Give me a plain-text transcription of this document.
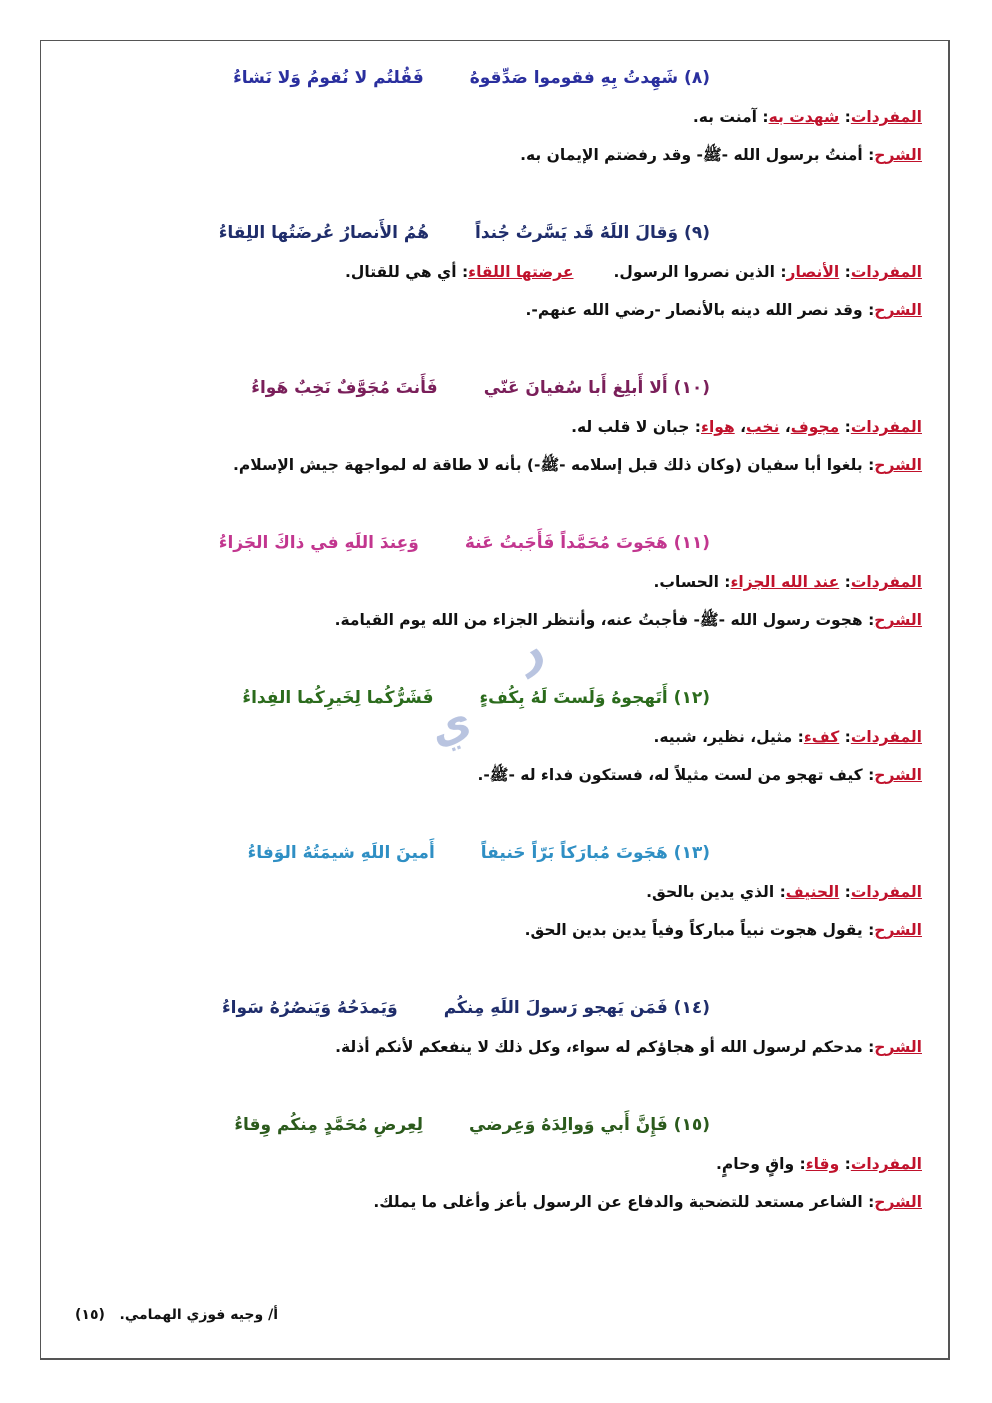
(٨) شَهِدتُ بِهِ فقوموا صَدِّقوهُ
فَقُلتُم لا نُقومُ وَلا نَشاءُ
المفردات: شهدت به: آمنت به.
الشرح: أمنتُ برسول الله -ﷺ- وقد رفضتم الإيمان به.
(٩) وَقالَ اللَهُ قَد يَسَّرتُ جُنداً
هُمُ الأَنصارُ عُرضَتُها اللِقاءُ
المفردات: الأنصار: الذين نصروا الرسول.عرضتها اللقاء: أي هي للقتال.
الشرح: وقد نصر الله دينه بالأنصار -رضي الله عنهم-.
(١٠) أَلا أَبلِغ أَبا سُفيانَ عَنّي
فَأَنتَ مُجَوَّفٌ نَخِبٌ هَواءُ
المفردات: مجوف، نخب، هواء: جبان لا قلب له.
الشرح: بلغوا أبا سفيان (وكان ذلك قبل إسلامه -ﷺ-) بأنه لا طاقة له لمواجهة جيش الإسلام.
(١١) هَجَوتَ مُحَمَّداً فَأَجَبتُ عَنهُ
وَعِندَ اللَهِ في ذاكَ الجَزاءُ
المفردات: عند الله الجزاء: الحساب.
الشرح: هجوت رسول الله -ﷺ- فأجبتُ عنه، وأنتظر الجزاء من الله يوم القيامة.
(١٢) أَتَهجوهُ وَلَستَ لَهُ بِكُفءٍ
فَشَرُّكُما لِخَيرِكُما الفِداءُ
المفردات: كفء: مثيل، نظير، شبيه.
الشرح: كيف تهجو من لست مثيلاً له، فستكون فداء له -ﷺ-.
(١٣) هَجَوتَ مُبارَكاً بَرّاً حَنيفاً
أَمينَ اللَهِ شيمَتُهُ الوَفاءُ
المفردات: الحنيف: الذي يدين بالحق.
الشرح: يقول هجوت نبياً مباركاً وفياً يدين بدين الحق.
(١٤) فَمَن يَهجو رَسولَ اللَهِ مِنكُم
وَيَمدَحُهُ وَيَنصُرُهُ سَواءُ
الشرح: مدحكم لرسول الله أو هجاؤكم له سواء، وكل ذلك لا ينفعكم لأنكم أذلة.
(١٥) فَإِنَّ أَبي وَوالِدَهُ وَعِرضي
لِعِرضِ مُحَمَّدٍ مِنكُم وِقاءُ
المفردات: وقاء: واقٍ وحامٍ.
الشرح: الشاعر مستعد للتضحية والدفاع عن الرسول بأعز وأغلى ما يملك.
ر
ي
أ/ وجيه فوزي الهمامي.   (١٥)
